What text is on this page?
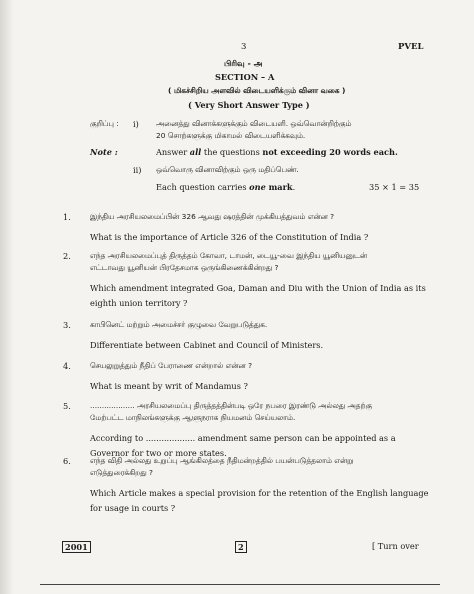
3	PVEL
பிரிவு - அ
SECTION – A
( மிகச்சிறிய அளவில் விடையளிக்கும் வினா வகை )
( Very Short Answer Type )
குறிப்பு : i) அனைத்து வினாக்களுக்கும் விடையளி. ஒவ்வொன்றிற்கும்
20 சொற்களுக்கு மிகாமல் விடையளிக்கவும்.
Note :	Answer all the questions not exceeding 20 words each.
ii) ஒவ்வொரு வினாவிற்கும் ஒரு மதிப்பெண்.
Each question carries one mark.	35 × 1 = 35
1.	இந்திய அரசியலமைப்பின் 326 ஆவது ஷரத்தின் முக்கியத்துவம் என்ன ?
What is the importance of Article 326 of the Constitution of India ?
2.	எந்த அரசியலமைப்புத் திருத்தம் கோவா, டாமன், டையூ-வை இந்திய யூனியனுடன்
எட்டாவது யூனியன் பிரதேசமாக ஒருங்கிணைக்கின்றது ?
Which amendment integrated Goa, Daman and Diu with the Union of India as its
eighth union territory ?
3.	காபினெட் மற்றும் அமைச்சர் குழுவை வேறுபடுத்துக.
Differentiate between Cabinet and Council of Ministers.
4.	செயலுறுத்தும் நீதிப் பேராணை என்றால் என்ன ?
What is meant by writ of Mandamus ?
5.	................... அரசியலமைப்பு திருத்தத்தின்படி ஒரே நபரை இரண்டு அல்லது அதற்கு
மேற்பட்ட மாநிலங்களுக்கு ஆளுநராக நியமனம் செய்யலாம்.
According to ................... amendment same person can be appointed as a
Governor for two or more states.
6.	எந்த விதி அல்லது உறுப்பு ஆங்கிலத்தை நீதிமன்றத்தில் பயன்படுத்தலாம் என்று
எடுத்துரைக்கிறது ?
Which Article makes a special provision for the retention of the English language
for usage in courts ?
2001	2	[ Turn over
